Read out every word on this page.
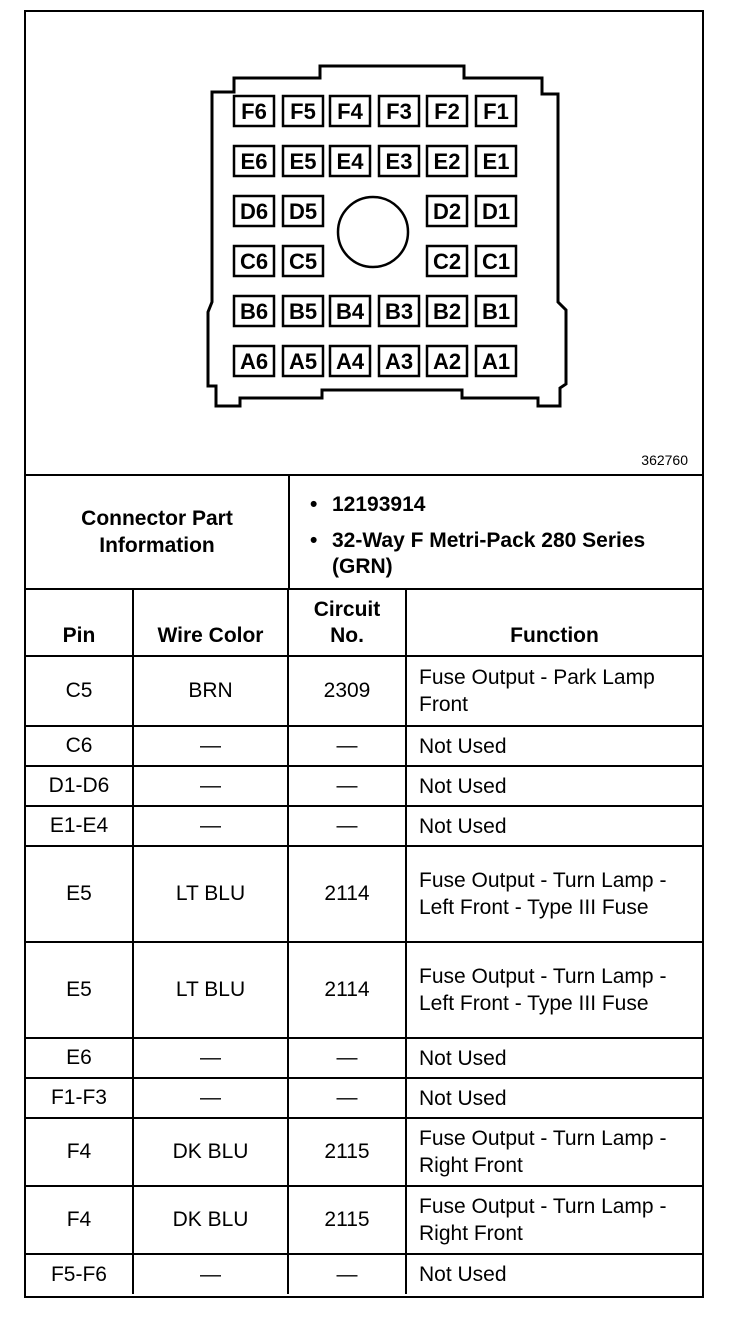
F6 F5 F4 F3 F2 F1
E6 E5 E4 E3 E2 E1
D6 D5	D2 D1
C6 C5	C2 C1
B6 B5 B4 B3 B2 B1
A6 A5 A4 A3 A2 A1
362760
Connector Part Information
• 12193914
• 32-Way F Metri-Pack 280 Series (GRN)
Pin	Wire Color	Circuit No.	Function
C5	BRN	2309	Fuse Output - Park Lamp Front
C6	—	—	Not Used
D1-D6	—	—	Not Used
E1-E4	—	—	Not Used
E5	LT BLU	2114	Fuse Output - Turn Lamp - Left Front - Type III Fuse
E5	LT BLU	2114	Fuse Output - Turn Lamp - Left Front - Type III Fuse
E6	—	—	Not Used
F1-F3	—	—	Not Used
F4	DK BLU	2115	Fuse Output - Turn Lamp - Right Front
F4	DK BLU	2115	Fuse Output - Turn Lamp - Right Front
F5-F6	—	—	Not Used
